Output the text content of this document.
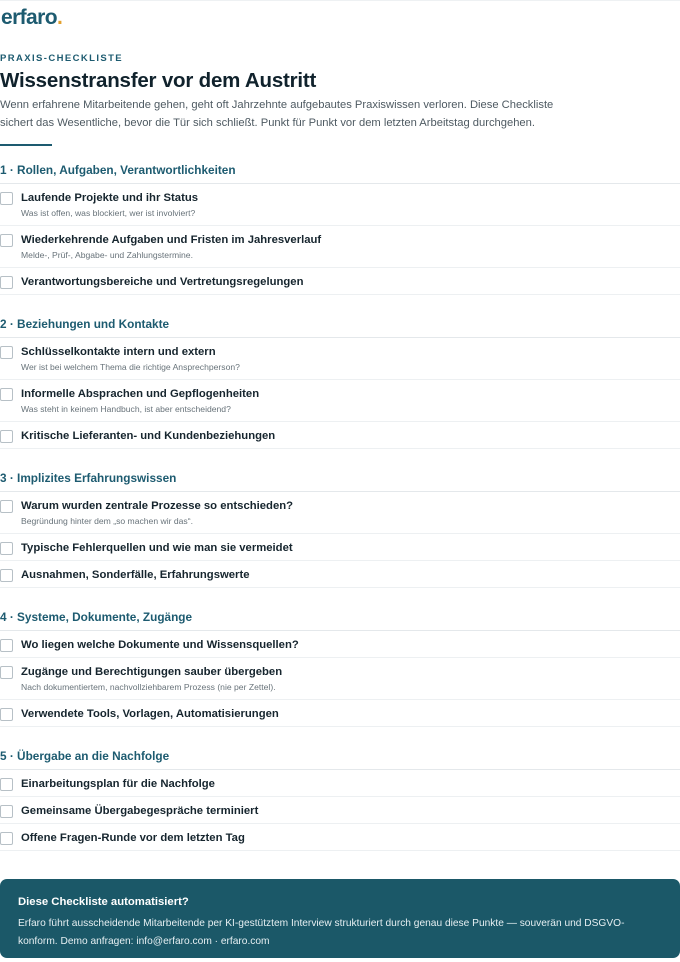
erfaro.
PRAXIS-CHECKLISTE
Wissenstransfer vor dem Austritt

Wenn erfahrene Mitarbeitende gehen, geht oft Jahrzehnte aufgebautes Praxiswissen verloren. Diese Checkliste sichert das Wesentliche, bevor die Tür sich schließt. Punkt für Punkt vor dem letzten Arbeitstag durchgehen.

1 · Rollen, Aufgaben, Verantwortlichkeiten
Laufende Projekte und ihr Status
Was ist offen, was blockiert, wer ist involviert?
Wiederkehrende Aufgaben und Fristen im Jahresverlauf
Melde-, Prüf-, Abgabe- und Zahlungstermine.
Verantwortungsbereiche und Vertretungsregelungen
2 · Beziehungen und Kontakte
Schlüsselkontakte intern und extern
Wer ist bei welchem Thema die richtige Ansprechperson?
Informelle Absprachen und Gepflogenheiten
Was steht in keinem Handbuch, ist aber entscheidend?
Kritische Lieferanten- und Kundenbeziehungen
3 · Implizites Erfahrungswissen
Warum wurden zentrale Prozesse so entschieden?
Begründung hinter dem „so machen wir das“.
Typische Fehlerquellen und wie man sie vermeidet
Ausnahmen, Sonderfälle, Erfahrungswerte
4 · Systeme, Dokumente, Zugänge
Wo liegen welche Dokumente und Wissensquellen?
Zugänge und Berechtigungen sauber übergeben
Nach dokumentiertem, nachvollziehbarem Prozess (nie per Zettel).
Verwendete Tools, Vorlagen, Automatisierungen
5 · Übergabe an die Nachfolge
Einarbeitungsplan für die Nachfolge
Gemeinsame Übergabegespräche terminiert
Offene Fragen-Runde vor dem letzten Tag
Diese Checkliste automatisiert?
Erfaro führt ausscheidende Mitarbeitende per KI-gestütztem Interview strukturiert durch genau diese Punkte — souverän und DSGVO-konform. Demo anfragen: info@erfaro.com · erfaro.com
